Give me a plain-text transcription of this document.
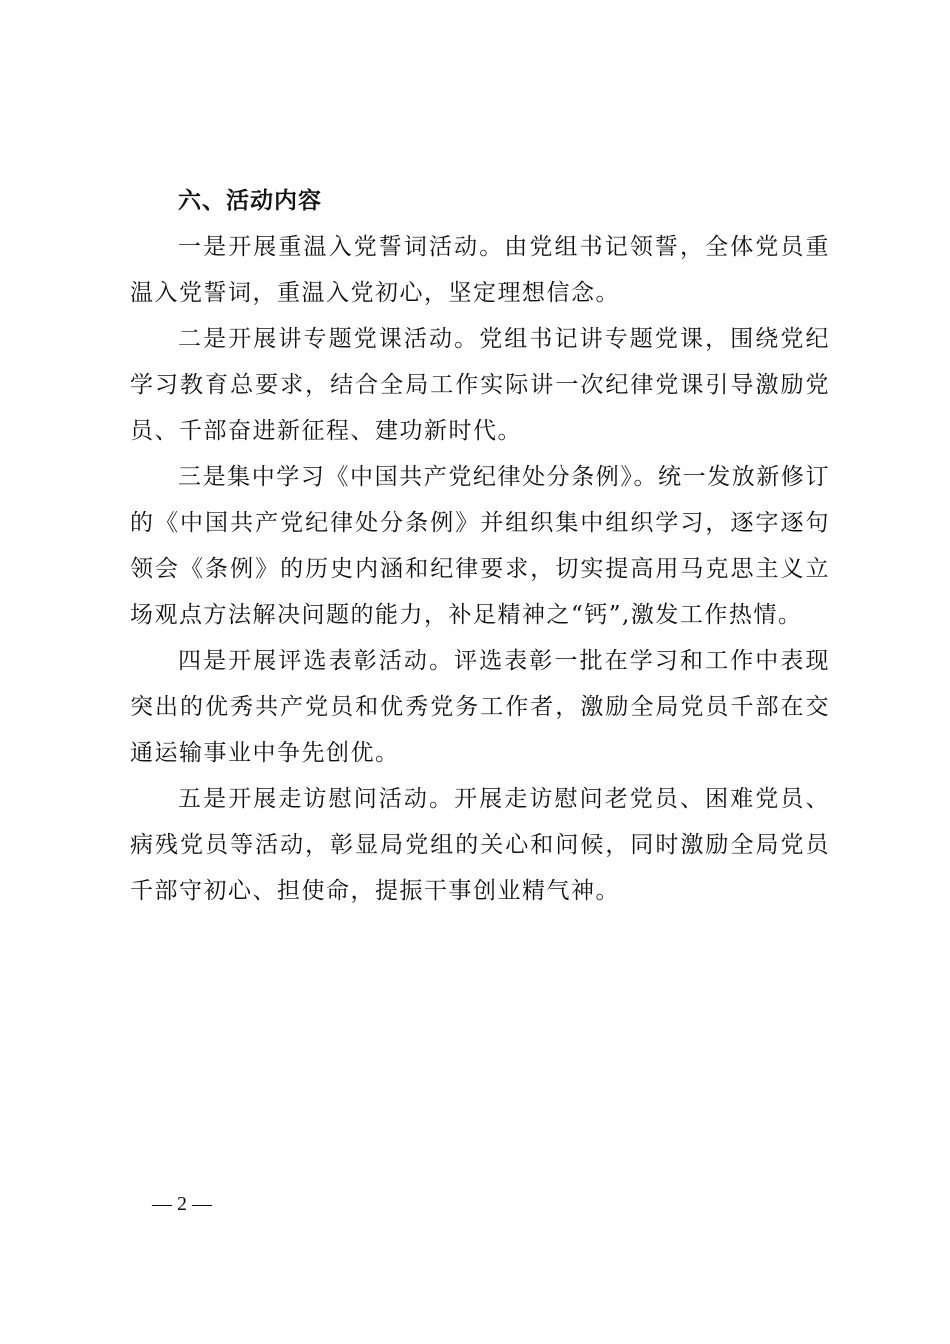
六、活动内容

一是开展重温入党誓词活动。由党组书记领誓，全体党员重温入党誓词，重温入党初心，坚定理想信念。

二是开展讲专题党课活动。党组书记讲专题党课，围绕党纪学习教育总要求，结合全局工作实际讲一次纪律党课引导激励党员、千部奋进新征程、建功新时代。

三是集中学习《中国共产党纪律处分条例》。统一发放新修订的《中国共产党纪律处分条例》并组织集中组织学习，逐字逐句领会《条例》的历史内涵和纪律要求，切实提高用马克思主义立场观点方法解决问题的能力，补足精神之“钙”,激发工作热情。

四是开展评选表彰活动。评选表彰一批在学习和工作中表现突出的优秀共产党员和优秀党务工作者，激励全局党员千部在交通运输事业中争先创优。

五是开展走访慰问活动。开展走访慰问老党员、困难党员、病残党员等活动，彰显局党组的关心和问候，同时激励全局党员千部守初心、担使命，提振干事创业精气神。

— 2 —
